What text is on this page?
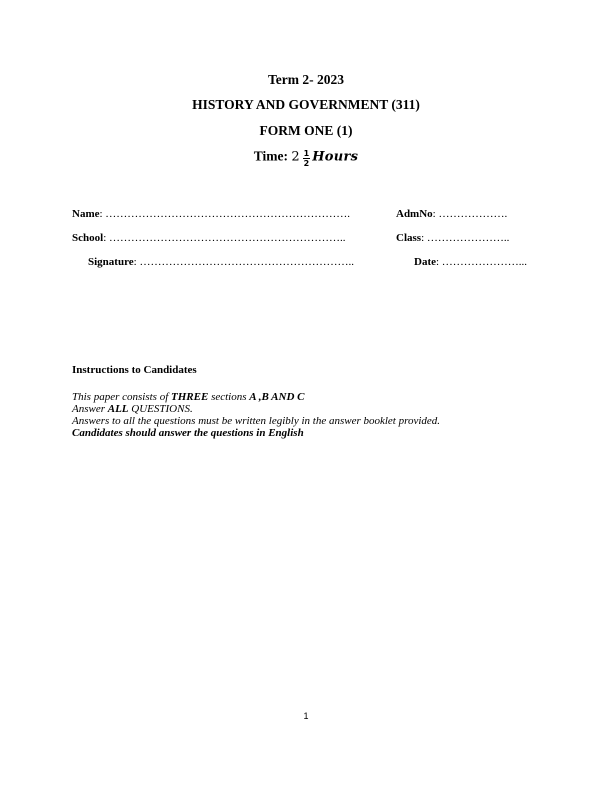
Term 2- 2023
HISTORY AND GOVERNMENT (311)
FORM ONE (1)
Time: $2 \frac{1}{2}$ Hours
Name: ………………………………………………………….	AdmNo: ……………….
School: ………………………………………………………..	Class: …………………..
Signature: …………………………………………………..	Date: …………………...
Instructions to Candidates
This paper consists of THREE sections A ,B AND C
Answer ALL QUESTIONS.
Answers to all the questions must be written legibly in the answer booklet provided.
Candidates should answer the questions in English
1
